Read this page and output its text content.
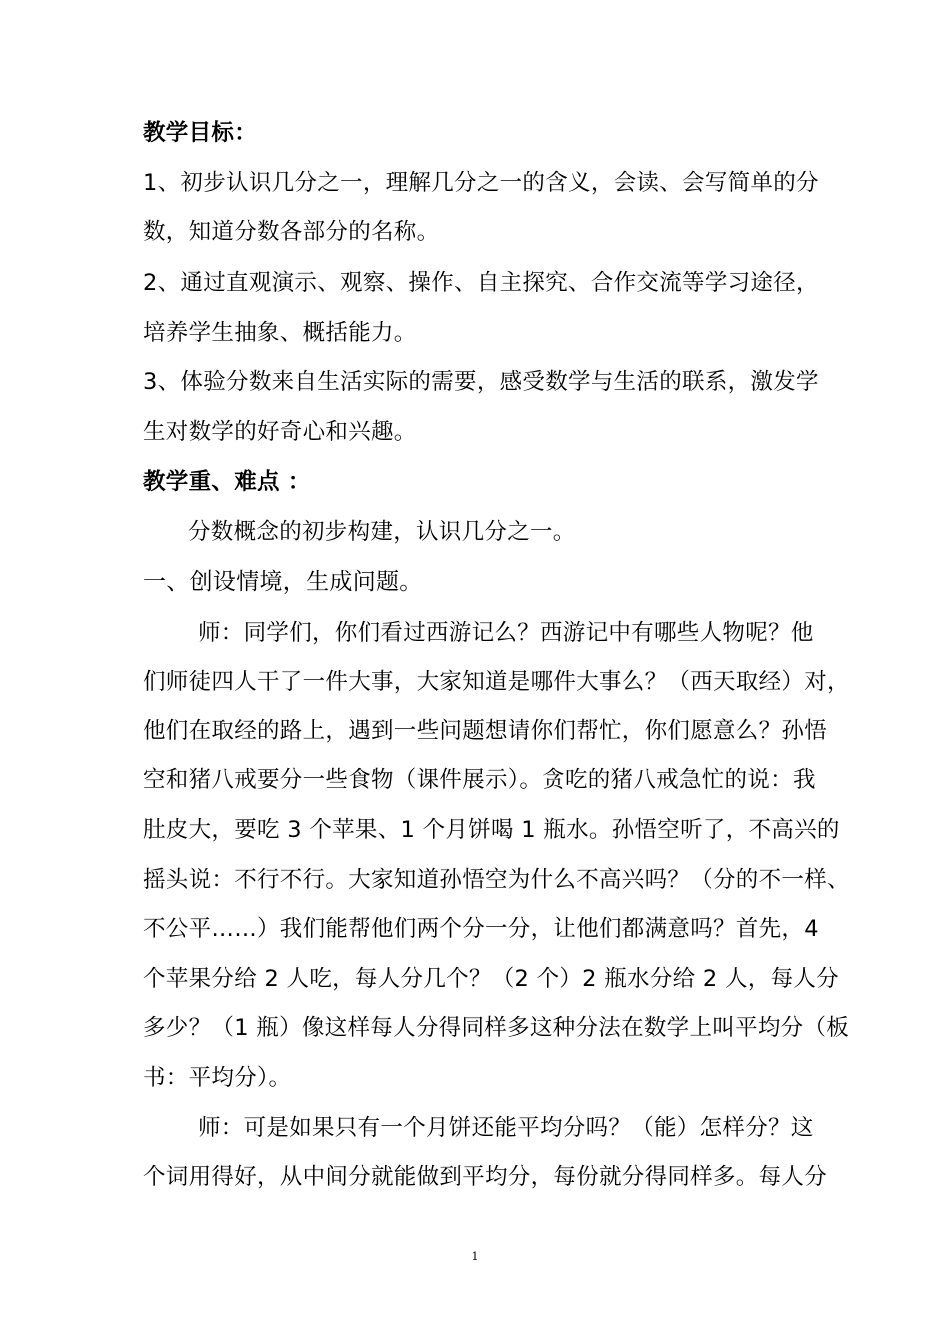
教学目标：
1、初步认识几分之一，理解几分之一的含义，会读、会写简单的分
数，知道分数各部分的名称。
2、通过直观演示、观察、操作、自主探究、合作交流等学习途径，
培养学生抽象、概括能力。
3、体验分数来自生活实际的需要，感受数学与生活的联系，激发学
生对数学的好奇心和兴趣。
教学重、难点 ：
分数概念的初步构建，认识几分之一。
一、创设情境，生成问题。
师：同学们，你们看过西游记么？西游记中有哪些人物呢？他
们师徒四人干了一件大事，大家知道是哪件大事么？（西天取经）对，
他们在取经的路上，遇到一些问题想请你们帮忙，你们愿意么？孙悟
空和猪八戒要分一些食物（课件展示）。贪吃的猪八戒急忙的说：我
肚皮大，要吃 3 个苹果、1 个月饼喝 1 瓶水。孙悟空听了，不高兴的
摇头说：不行不行。大家知道孙悟空为什么不高兴吗？（分的不一样、
不公平……）我们能帮他们两个分一分，让他们都满意吗？首先，4
个苹果分给 2 人吃，每人分几个？（2 个）2 瓶水分给 2 人，每人分
多少？（1 瓶）像这样每人分得同样多这种分法在数学上叫平均分（板
书：平均分）。
师：可是如果只有一个月饼还能平均分吗？（能）怎样分？这
个词用得好，从中间分就能做到平均分，每份就分得同样多。每人分
1
